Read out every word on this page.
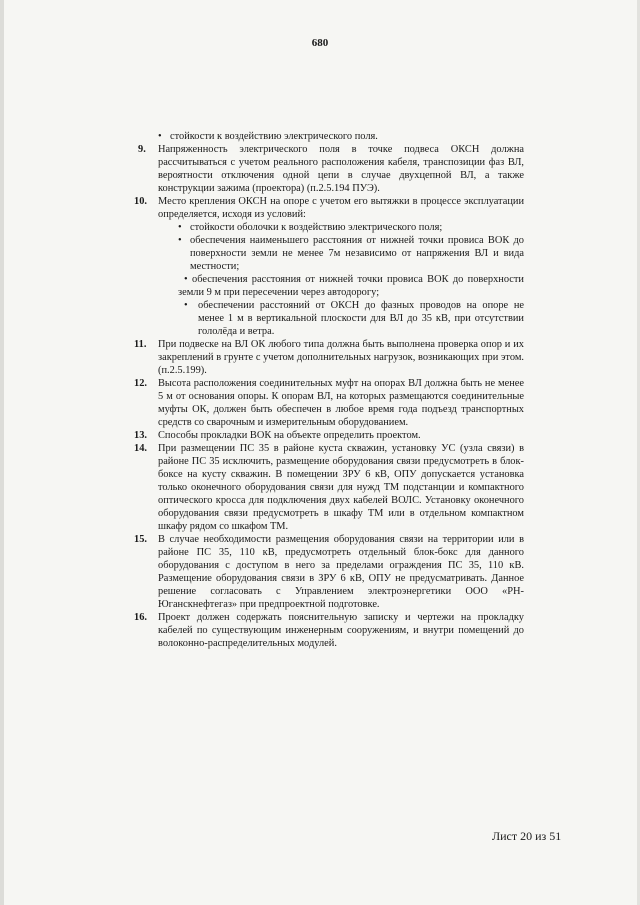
680

• стойкости к воздействию электрического поля.

9. Напряженность электрического поля в точке подвеса ОКСН должна рассчитываться с учетом реального расположения кабеля, транспозиции фаз ВЛ, вероятности отключения одной цепи в случае двухцепной ВЛ, а также конструкции зажима (проектора) (п.2.5.194 ПУЭ).

10. Место крепления ОКСН на опоре с учетом его вытяжки в процессе эксплуатации определяется, исходя из условий:

• стойкости оболочки к воздействию электрического поля;

• обеспечения наименьшего расстояния от нижней точки провиса ВОК до поверхности земли не менее 7м независимо от напряжения ВЛ и вида местности;

• обеспечения расстояния от нижней точки провиса ВОК до поверхности земли 9 м при пересечении через автодорогу;

• обеспечении расстояний от ОКСН до фазных проводов на опоре не менее 1 м в вертикальной плоскости для ВЛ до 35 кВ, при отсутствии гололёда и ветра.

11. При подвеске на ВЛ ОК любого типа должна быть выполнена проверка опор и их закреплений в грунте с учетом дополнительных нагрузок, возникающих при этом. (п.2.5.199).

12. Высота расположения соединительных муфт на опорах ВЛ должна быть не менее 5 м от основания опоры. К опорам ВЛ, на которых размещаются соединительные муфты ОК, должен быть обеспечен в любое время года подъезд транспортных средств со сварочным и измерительным оборудованием.

13. Способы прокладки ВОК на объекте определить проектом.

14. При размещении ПС 35 в районе куста скважин, установку УС (узла связи) в районе ПС 35 исключить, размещение оборудования связи предусмотреть в блок-боксе на кусту скважин. В помещении ЗРУ 6 кВ, ОПУ допускается установка только оконечного оборудования связи для нужд ТМ подстанции и компактного оптического кросса для подключения двух кабелей ВОЛС. Установку оконечного оборудования связи предусмотреть в шкафу ТМ или в отдельном компактном шкафу рядом со шкафом ТМ.

15. В случае необходимости размещения оборудования связи на территории или в районе ПС 35, 110 кВ, предусмотреть отдельный блок-бокс для данного оборудования с доступом в него за пределами ограждения ПС 35, 110 кВ. Размещение оборудования связи в ЗРУ 6 кВ, ОПУ не предусматривать. Данное решение согласовать с Управлением электроэнергетики ООО «РН-Юганскнефтегаз» при предпроектной подготовке.

16. Проект должен содержать пояснительную записку и чертежи на прокладку кабелей по существующим инженерным сооружениям, и внутри помещений до волоконно-распределительных модулей.

Лист 20 из 51
